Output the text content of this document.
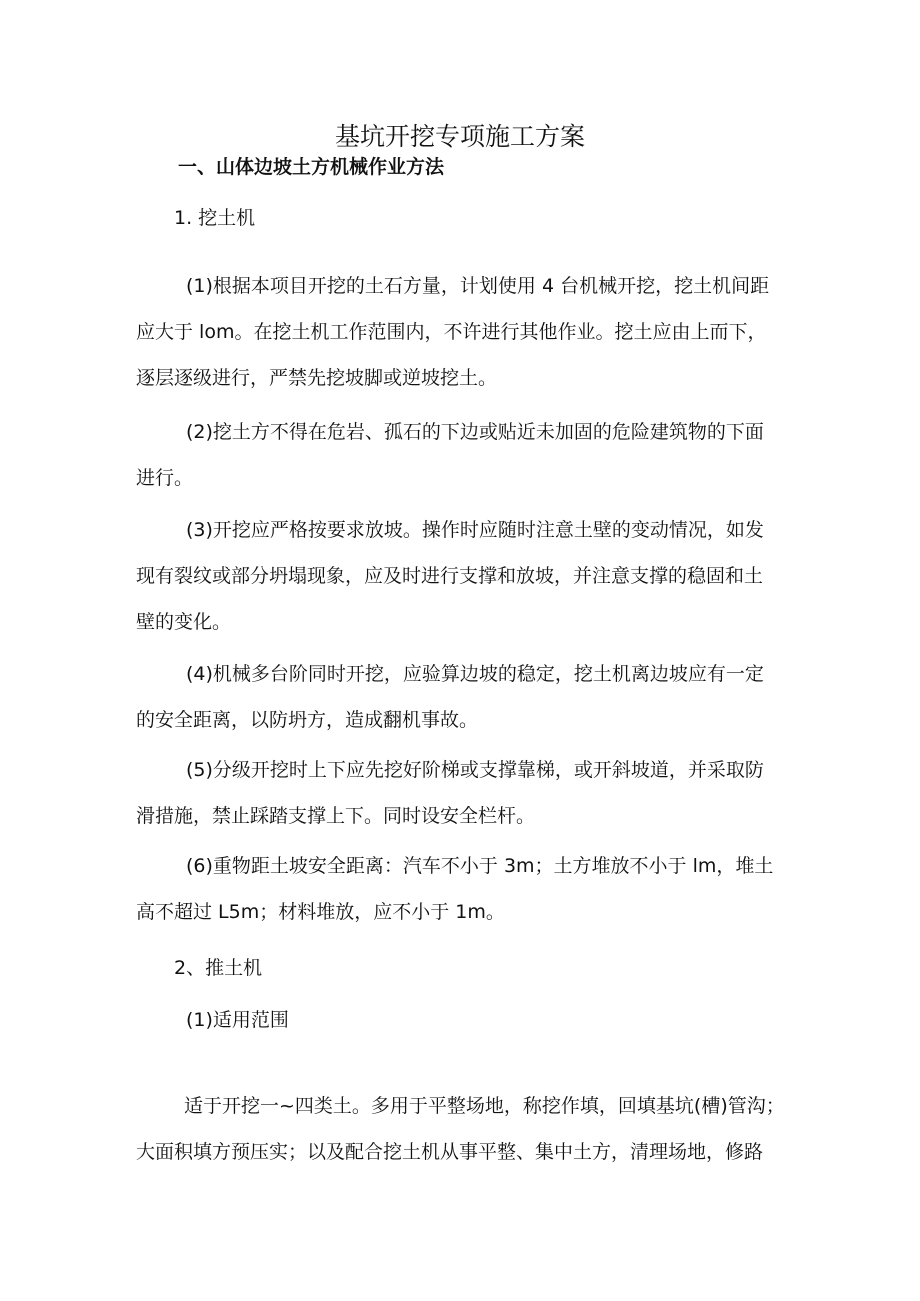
基坑开挖专项施工方案
一、山体边坡土方机械作业方法
1. 挖土机
(1)根据本项目开挖的土石方量，计划使用 4 台机械开挖，挖土机间距
应大于 lom。在挖土机工作范围内，不许进行其他作业。挖土应由上而下，
逐层逐级进行，严禁先挖坡脚或逆坡挖土。
(2)挖土方不得在危岩、孤石的下边或贴近未加固的危险建筑物的下面
进行。
(3)开挖应严格按要求放坡。操作时应随时注意土壁的变动情况，如发
现有裂纹或部分坍塌现象，应及时进行支撑和放坡，并注意支撑的稳固和土
壁的变化。
(4)机械多台阶同时开挖，应验算边坡的稳定，挖土机离边坡应有一定
的安全距离，以防坍方，造成翻机事故。
(5)分级开挖时上下应先挖好阶梯或支撑靠梯，或开斜坡道，并采取防
滑措施，禁止踩踏支撑上下。同时设安全栏杆。
(6)重物距土坡安全距离：汽车不小于 3m；土方堆放不小于 lm，堆土
高不超过 L5m；材料堆放，应不小于 1m。
2、推土机
(1)适用范围
适于开挖一~四类土。多用于平整场地，称挖作填，回填基坑(槽)管沟；
大面积填方预压实；以及配合挖土机从事平整、集中土方，清理场地，修路
